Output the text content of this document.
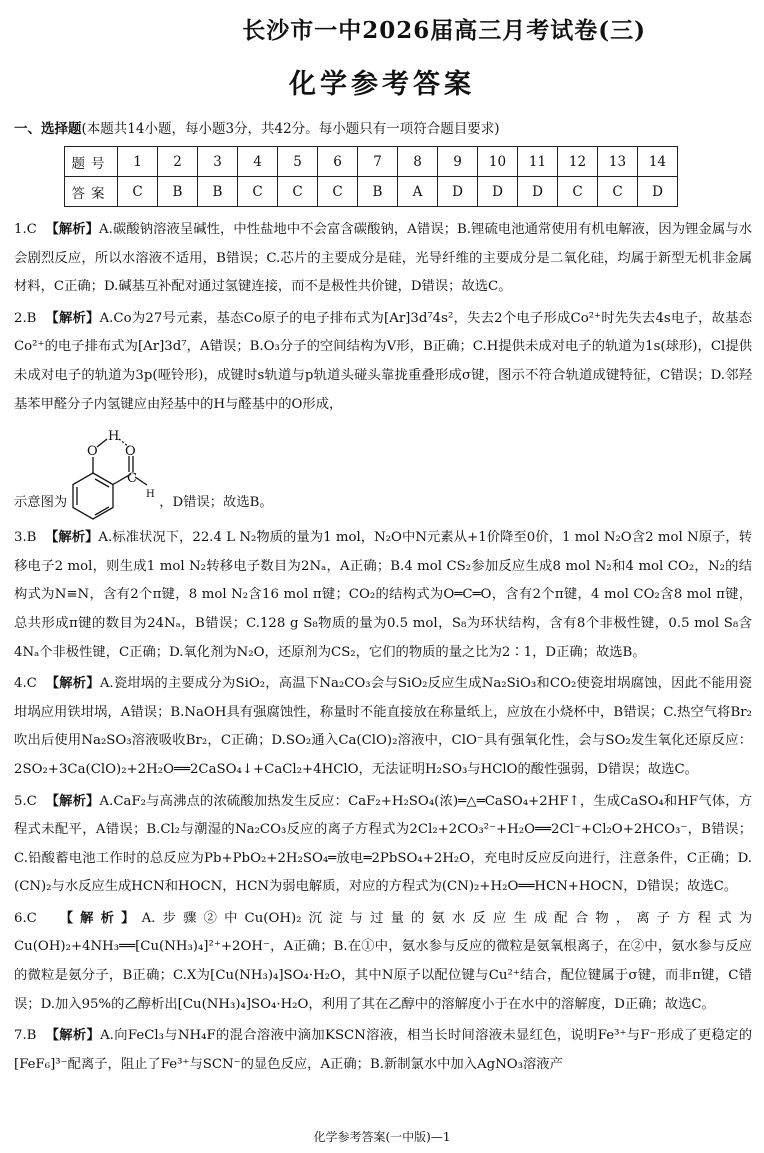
长沙市一中2026届高三月考试卷(三)
化学参考答案
一、选择题(本题共14小题，每小题3分，共42分。每小题只有一项符合题目要求)
题号	1	2	3	4	5	6	7	8	9	10	11	12	13	14
答案	C	B	B	C	C	C	B	A	D	D	D	C	C	D
1.C 【解析】A.碳酸钠溶液呈碱性，中性盐地中不会富含碳酸钠，A错误；B.锂硫电池通常使用有机电解液，因为锂金属与水会剧烈反应，所以水溶液不适用，B错误；C.芯片的主要成分是硅，光导纤维的主要成分是二氧化硅，均属于新型无机非金属材料，C正确；D.碱基互补配对通过氢键连接，而不是极性共价键，D错误；故选C。
2.B 【解析】A.Co为27号元素，基态Co原子的电子排布式为[Ar]3d⁷4s²，失去2个电子形成Co²⁺时先失去4s电子，故基态Co²⁺的电子排布式为[Ar]3d⁷，A错误；B.O₃分子的空间结构为V形，B正确；C.H提供未成对电子的轨道为1s(球形)，Cl提供未成对电子的轨道为3p(哑铃形)，成键时s轨道与p轨道头碰头靠拢重叠形成σ键，图示不符合轨道成键特征，C错误；D.邻羟基苯甲醛分子内氢键应由羟基中的H与醛基中的O形成，
示意图为
O
H
O
C
H ，D错误；故选B。
3.B 【解析】A.标准状况下，22.4 L N₂物质的量为1 mol，N₂O中N元素从+1价降至0价，1 mol N₂O含2 mol N原子，转移电子2 mol，则生成1 mol N₂转移电子数目为2Nₐ，A正确；B.4 mol CS₂参加反应生成8 mol N₂和4 mol CO₂，N₂的结构式为N≡N，含有2个π键，8 mol N₂含16 mol π键；CO₂的结构式为O═C═O，含有2个π键，4 mol CO₂含8 mol π键，总共形成π键的数目为24Nₐ，B错误；C.128 g S₈物质的量为0.5 mol，S₈为环状结构，含有8个非极性键，0.5 mol S₈含4Nₐ个非极性键，C正确；D.氧化剂为N₂O，还原剂为CS₂，它们的物质的量之比为2∶1，D正确；故选B。
4.C 【解析】A.瓷坩埚的主要成分为SiO₂，高温下Na₂CO₃会与SiO₂反应生成Na₂SiO₃和CO₂使瓷坩埚腐蚀，因此不能用瓷坩埚应用铁坩埚，A错误；B.NaOH具有强腐蚀性，称量时不能直接放在称量纸上，应放在小烧杯中，B错误；C.热空气将Br₂吹出后使用Na₂SO₃溶液吸收Br₂，C正确；D.SO₂通入Ca(ClO)₂溶液中，ClO⁻具有强氧化性，会与SO₂发生氧化还原反应：2SO₂+3Ca(ClO)₂+2H₂O══2CaSO₄↓+CaCl₂+4HClO，无法证明H₂SO₃与HClO的酸性强弱，D错误；故选C。
5.C 【解析】A.CaF₂与高沸点的浓硫酸加热发生反应：CaF₂+H₂SO₄(浓)═△═CaSO₄+2HF↑，生成CaSO₄和HF气体，方程式未配平，A错误；B.Cl₂与潮湿的Na₂CO₃反应的离子方程式为2Cl₂+2CO₃²⁻+H₂O══2Cl⁻+Cl₂O+2HCO₃⁻，B错误；C.铅酸蓄电池工作时的总反应为Pb+PbO₂+2H₂SO₄═放电═2PbSO₄+2H₂O，充电时反应反向进行，注意条件，C正确；D.(CN)₂与水反应生成HCN和HOCN，HCN为弱电解质，对应的方程式为(CN)₂+H₂O══HCN+HOCN，D错误；故选C。
6.C 【解析】A.步骤②中Cu(OH)₂沉淀与过量的氨水反应生成配合物，离子方程式为Cu(OH)₂+4NH₃══[Cu(NH₃)₄]²⁺+2OH⁻，A正确；B.在①中，氨水参与反应的微粒是氨氧根离子，在②中，氨水参与反应的微粒是氨分子，B正确；C.X为[Cu(NH₃)₄]SO₄·H₂O，其中N原子以配位键与Cu²⁺结合，配位键属于σ键，而非π键，C错误；D.加入95%的乙醇析出[Cu(NH₃)₄]SO₄·H₂O，利用了其在乙醇中的溶解度小于在水中的溶解度，D正确；故选C。
7.B 【解析】A.向FeCl₃与NH₄F的混合溶液中滴加KSCN溶液，相当长时间溶液未显红色，说明Fe³⁺与F⁻形成了更稳定的[FeF₆]³⁻配离子，阻止了Fe³⁺与SCN⁻的显色反应，A正确；B.新制氯水中加入AgNO₃溶液产
化学参考答案(一中版)—1
